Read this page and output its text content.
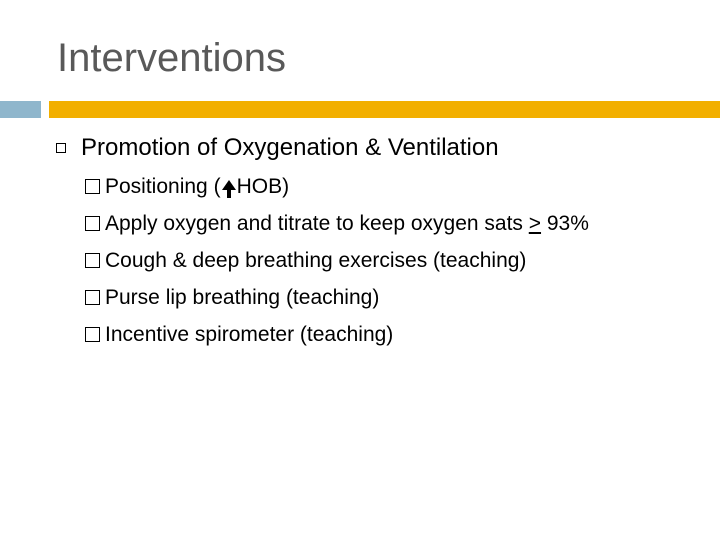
Interventions
Promotion of Oxygenation & Ventilation
Positioning ( HOB)
Apply oxygen and titrate to keep oxygen sats ≥ 93%
Cough & deep breathing exercises (teaching)
Purse lip breathing (teaching)
Incentive spirometer (teaching)
